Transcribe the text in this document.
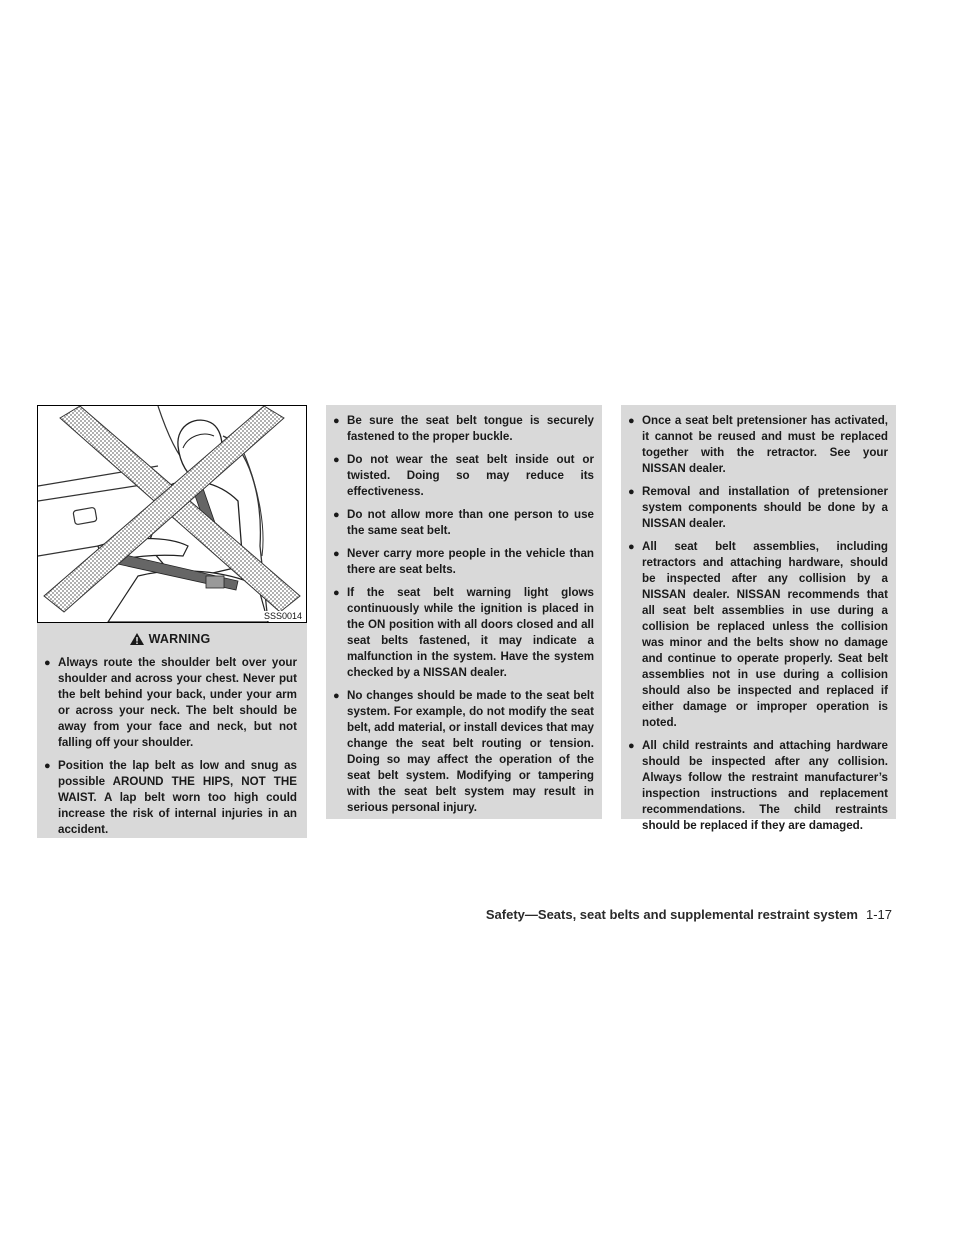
SSS0014
WARNING
● Always route the shoulder belt over your shoulder and across your chest. Never put the belt behind your back, under your arm or across your neck. The belt should be away from your face and neck, but not falling off your shoulder.
● Position the lap belt as low and snug as possible AROUND THE HIPS, NOT THE WAIST. A lap belt worn too high could increase the risk of internal injuries in an accident.
● Be sure the seat belt tongue is securely fastened to the proper buckle.
● Do not wear the seat belt inside out or twisted. Doing so may reduce its effectiveness.
● Do not allow more than one person to use the same seat belt.
● Never carry more people in the vehicle than there are seat belts.
● If the seat belt warning light glows continuously while the ignition is placed in the ON position with all doors closed and all seat belts fastened, it may indicate a malfunction in the system. Have the system checked by a NISSAN dealer.
● No changes should be made to the seat belt system. For example, do not modify the seat belt, add material, or install devices that may change the seat belt routing or tension. Doing so may affect the operation of the seat belt system. Modifying or tampering with the seat belt system may result in serious personal injury.
● Once a seat belt pretensioner has activated, it cannot be reused and must be replaced together with the retractor. See your NISSAN dealer.
● Removal and installation of pretensioner system components should be done by a NISSAN dealer.
● All seat belt assemblies, including retractors and attaching hardware, should be inspected after any collision by a NISSAN dealer. NISSAN recommends that all seat belt assemblies in use during a collision be replaced unless the collision was minor and the belts show no damage and continue to operate properly. Seat belt assemblies not in use during a collision should also be inspected and replaced if either damage or improper operation is noted.
● All child restraints and attaching hardware should be inspected after any collision. Always follow the restraint manufacturer’s inspection instructions and replacement recommendations. The child restraints should be replaced if they are damaged.
Safety—Seats, seat belts and supplemental restraint system 1-17
